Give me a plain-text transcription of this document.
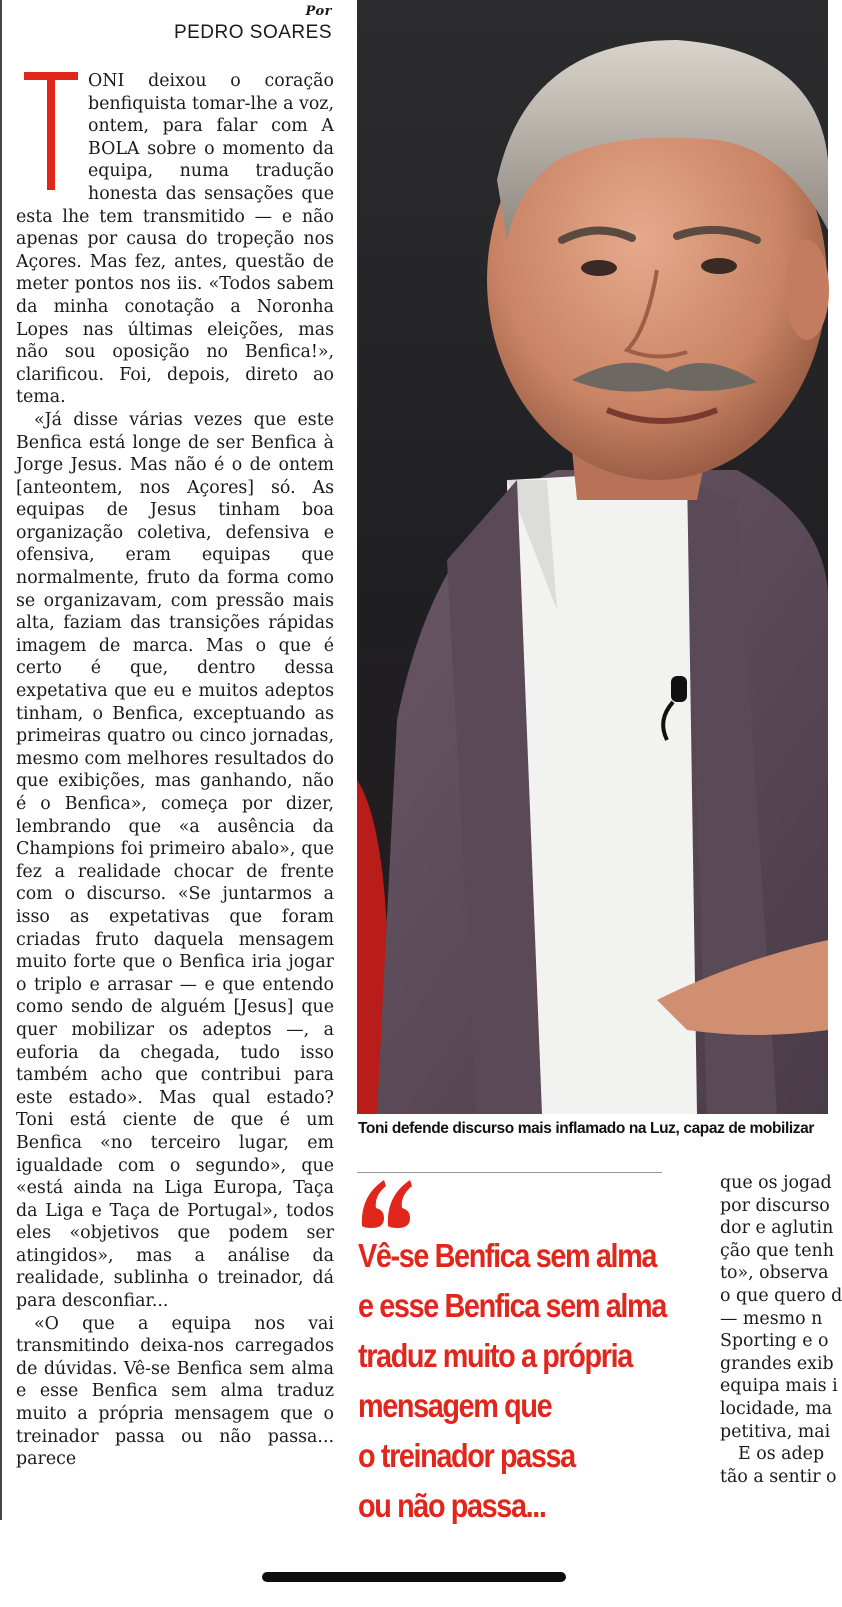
Por
PEDRO SOARES

ONI deixou o coração benfiquista tomar-lhe a voz, ontem, para falar com A BOLA sobre o momento da equipa, numa tradução honesta das sensações que esta lhe tem transmitido — e não apenas por causa do tropeção nos Açores. Mas fez, antes, questão de meter pontos nos iis. «Todos sabem da minha conotação a Noronha Lopes nas últimas eleições, mas não sou oposição no Benfica!», clarificou. Foi, depois, direto ao tema.

«Já disse várias vezes que este Benfica está longe de ser Benfica à Jorge Jesus. Mas não é o de ontem [anteontem, nos Açores] só. As equipas de Jesus tinham boa organização coletiva, defensiva e ofensiva, eram equipas que normalmente, fruto da forma como se organizavam, com pressão mais alta, faziam das transições rápidas imagem de marca. Mas o que é certo é que, dentro dessa expetativa que eu e muitos adeptos tinham, o Benfica, exceptuando as primeiras quatro ou cinco jornadas, mesmo com melhores resultados do que exibições, mas ganhando, não é o Benfica», começa por dizer, lembrando que «a ausência da Champions foi primeiro abalo», que fez a realidade chocar de frente com o discurso. «Se juntarmos a isso as expetativas que foram criadas fruto daquela mensagem muito forte que o Benfica iria jogar o triplo e arrasar — e que entendo como sendo de alguém [Jesus] que quer mobilizar os adeptos —, a euforia da chegada, tudo isso também acho que contribui para este estado». Mas qual estado? Toni está ciente de que é um Benfica «no terceiro lugar, em igualdade com o segundo», que «está ainda na Liga Europa, Taça da Liga e Taça de Portugal», todos eles «objetivos que podem ser atingidos», mas a análise da realidade, sublinha o treinador, dá para desconfiar...

«O que a equipa nos vai transmitindo deixa-nos carregados de dúvidas. Vê-se Benfica sem alma e esse Benfica sem alma traduz muito a própria mensagem que o treinador passa ou não passa... parece

Toni defende discurso mais inflamado na Luz, capaz de mobilizar
Vê-se Benfica sem alma
e esse Benfica sem alma
traduz muito a própria
mensagem que
o treinador passa
ou não passa...
que os jogad
por discurso
dor e aglutin
ção que tenh
to», observa
o que quero d
— mesmo n
Sporting e o
grandes exib
equipa mais i
locidade, ma
petitiva, mai
E os adep
tão a sentir o
